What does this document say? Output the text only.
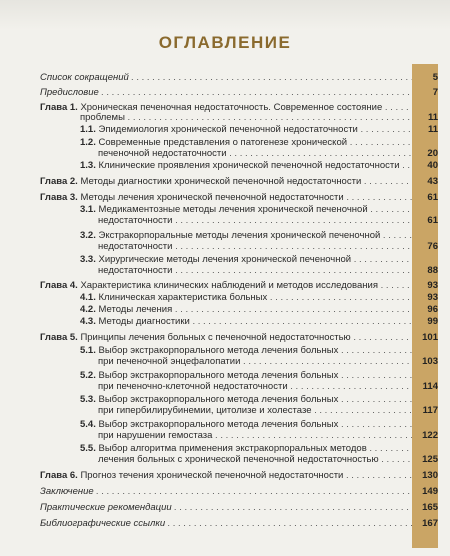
ОГЛАВЛЕНИЕ
Список сокращений . . .	5
Предисловие . . .	7
Глава 1. Хроническая печеночная недостаточность. Современное состояние . . .
проблемы . . .	11
1.1. Эпидемиология хронической печеночной недостаточности . . .	11
1.2. Современные представления о патогенезе хронической . . .
печеночной недостаточности . . .	20
1.3. Клинические проявления хронической печеночной недостаточности . . .	40
Глава 2. Методы диагностики хронической печеночной недостаточности . . .	43
Глава 3. Методы лечения хронической печеночной недостаточности . . .	61
3.1. Медикаментозные методы лечения хронической печеночной . . .
недостаточности . . .	61
3.2. Экстракорпоральные методы лечения хронической печеночной . . .
недостаточности . . .	76
3.3. Хирургические методы лечения хронической печеночной . . .
недостаточности . . .	88
Глава 4. Характеристика клинических наблюдений и методов исследования . . .	93
4.1. Клиническая характеристика больных . . .	93
4.2. Методы лечения . . .	96
4.3. Методы диагностики . . .	99
Глава 5. Принципы лечения больных с печеночной недостаточностью . . .	101
5.1. Выбор экстракорпорального метода лечения больных . . .
при печеночной энцефалопатии . . .	103
5.2. Выбор экстракорпорального метода лечения больных . . .
при печеночно-клеточной недостаточности . . .	114
5.3. Выбор экстракорпорального метода лечения больных . . .
при гипербилирубинемии, цитолизе и холестазе . . .	117
5.4. Выбор экстракорпорального метода лечения больных . . .
при нарушении гемостаза . . .	122
5.5. Выбор алгоритма применения экстракорпоральных методов . . .
лечения больных с хронической печеночной недостаточностью . . .	125
Глава 6. Прогноз течения хронической печеночной недостаточности . . .	130
Заключение . . .	149
Практические рекомендации . . .	165
Библиографические ссылки . . .	167
